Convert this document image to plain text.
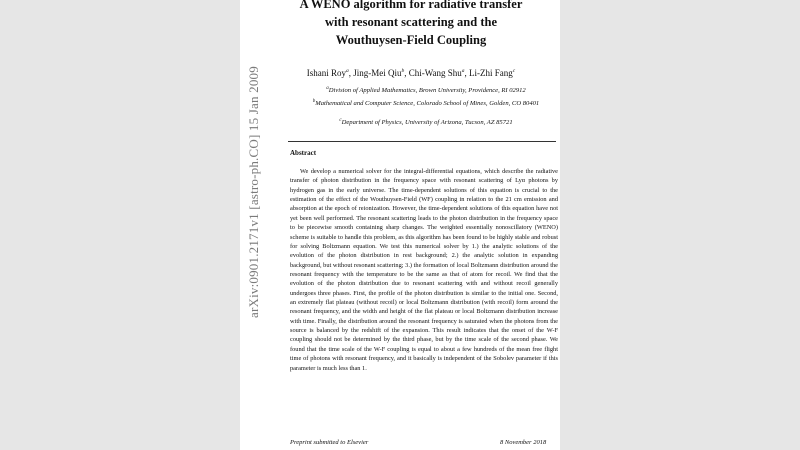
arXiv:0901.2171v1 [astro-ph.CO] 15 Jan 2009
A WENO algorithm for radiative transfer
with resonant scattering and the
Wouthuysen-Field Coupling
Ishani Roy$^a$, Jing-Mei Qiu$^b$, Chi-Wang Shu$^a$, Li-Zhi Fang$^c$
$^a$Division of Applied Mathematics, Brown University, Providence, RI 02912
$^b$Mathematical and Computer Science, Colorado School of Mines, Golden, CO 80401
$^c$Department of Physics, University of Arizona, Tucson, AZ 85721
Abstract

We develop a numerical solver for the integral-differential equations, which describe the radiative transfer of photon distribution in the frequency space with resonant scattering of Lyα photons by hydrogen gas in the early universe. The time-dependent solutions of this equation is crucial to the estimation of the effect of the Wouthuysen-Field (WF) coupling in relation to the 21 cm emission and absorption at the epoch of reionization. However, the time-dependent solutions of this equation have not yet been well performed. The resonant scattering leads to the photon distribution in the frequency space to be piecewise smooth containing sharp changes. The weighted essentially nonoscillatory (WENO) scheme is suitable to handle this problem, as this algorithm has been found to be highly stable and robust for solving Boltzmann equation. We test this numerical solver by 1.) the analytic solutions of the evolution of the photon distribution in rest background; 2.) the analytic solution in expanding background, but without resonant scattering; 3.) the formation of local Boltzmann distribution around the resonant frequency with the temperature to be the same as that of atom for recoil. We find that the evolution of the photon distribution due to resonant scattering with and without recoil generally undergoes three phases. First, the profile of the photon distribution is similar to the initial one. Second, an extremely flat plateau (without recoil) or local Boltzmann distribution (with recoil) form around the resonant frequency, and the width and height of the flat plateau or local Boltzmann distribution increase with time. Finally, the distribution around the resonant frequency is saturated when the photons from the source is balanced by the redshift of the expansion. This result indicates that the onset of the W-F coupling should not be determined by the third phase, but by the time scale of the second phase. We found that the time scale of the W-F coupling is equal to about a few hundreds of the mean free flight time of photons with resonant frequency, and it basically is independent of the Sobolev parameter if this parameter is much less than 1.

Preprint submitted to Elsevier	8 November 2018
